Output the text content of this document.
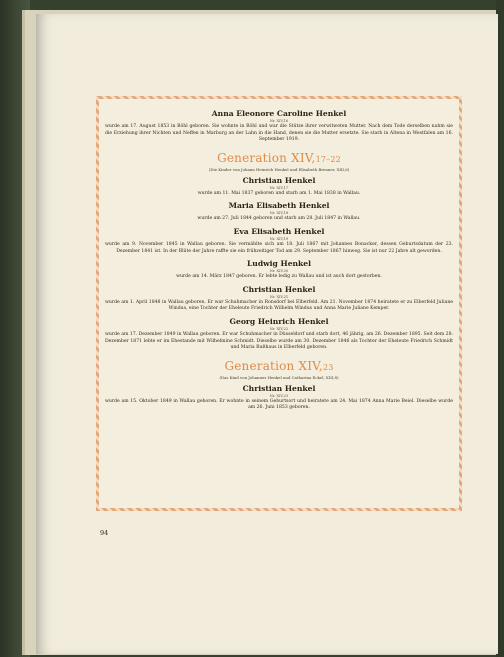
Anna Eleonore Caroline Henkel
Nr. XIV,16
wurde am 17. August 1853 in Böhl geboren. Sie wohnte in Böhl und war die Stütze ihrer verwitweten Mutter. Nach dem Tode derselben nahm sie die Erziehung ihrer Nichten und Neffen in Marburg an der Lahn in die Hand, denen sie die Mutter ersetzte. Sie starb in Altena in Westfalen am 16. September 1919.
Generation XIV,17–22
(Die Kinder von Johann Heinrich Henkel und Elisabeth Brenner, XIII,6)
Christian Henkel
Nr. XIV,17
wurde am 11. Mai 1837 geboren und starb am 1. Mai 1838 in Wallau.
Maria Elisabeth Henkel
Nr. XIV,18
wurde am 27. Juli 1844 geboren und starb am 28. Juli 1847 in Wallau.
Eva Elisabeth Henkel
Nr. XIV,19
wurde am 9. November 1845 in Wallau geboren. Sie vermählte sich am 18. Juli 1867 mit Johannes Bonacker, dessen Geburtsdatum der 23. Dezember 1841 ist. In der Blüte der Jahre raffte sie ein frühzeitiger Tod am 29. September 1867 hinweg. Sie ist nur 22 Jahre alt geworden.
Ludwig Henkel
Nr. XIV,20
wurde am 14. März 1847 geboren. Er lebte ledig zu Wallau und ist auch dort gestorben.
Christian Henkel
Nr. XIV,21
wurde am 1. April 1848 in Wallau geboren. Er war Schuhmacher in Ronsdorf bei Elberfeld. Am 21. November 1874 heiratete er zu Elberfeld Juliane Windus, eine Tochter der Eheleute Friedrich Wilhelm Windus und Anna Marie Juliane Kemper.
Georg Heinrich Henkel
Nr. XIV,22
wurde am 17. Dezember 1849 in Wallau geboren. Er war Schuhmacher in Düsseldorf und starb dort, 46 jährig, am 26. Dezember 1895. Seit dem 28. Dezember 1871 lebte er im Ehestande mit Wilhelmine Schmidt. Dieselbe wurde am 30. Dezember 1846 als Tochter der Eheleute Friedrich Schmidt und Maria Bußhaus in Elberfeld geboren.
Generation XIV,23
(Das Kind von Johannes Henkel und Catharina Eckel, XIII,8)
Christian Henkel
Nr. XIV,23
wurde am 15. Oktober 1849 in Wallau geboren. Er wohnte in seinem Geburtsort und heiratete am 24. Mai 1874 Anna Marie Beiel. Dieselbe wurde am 26. Juni 1853 geboren.
94
